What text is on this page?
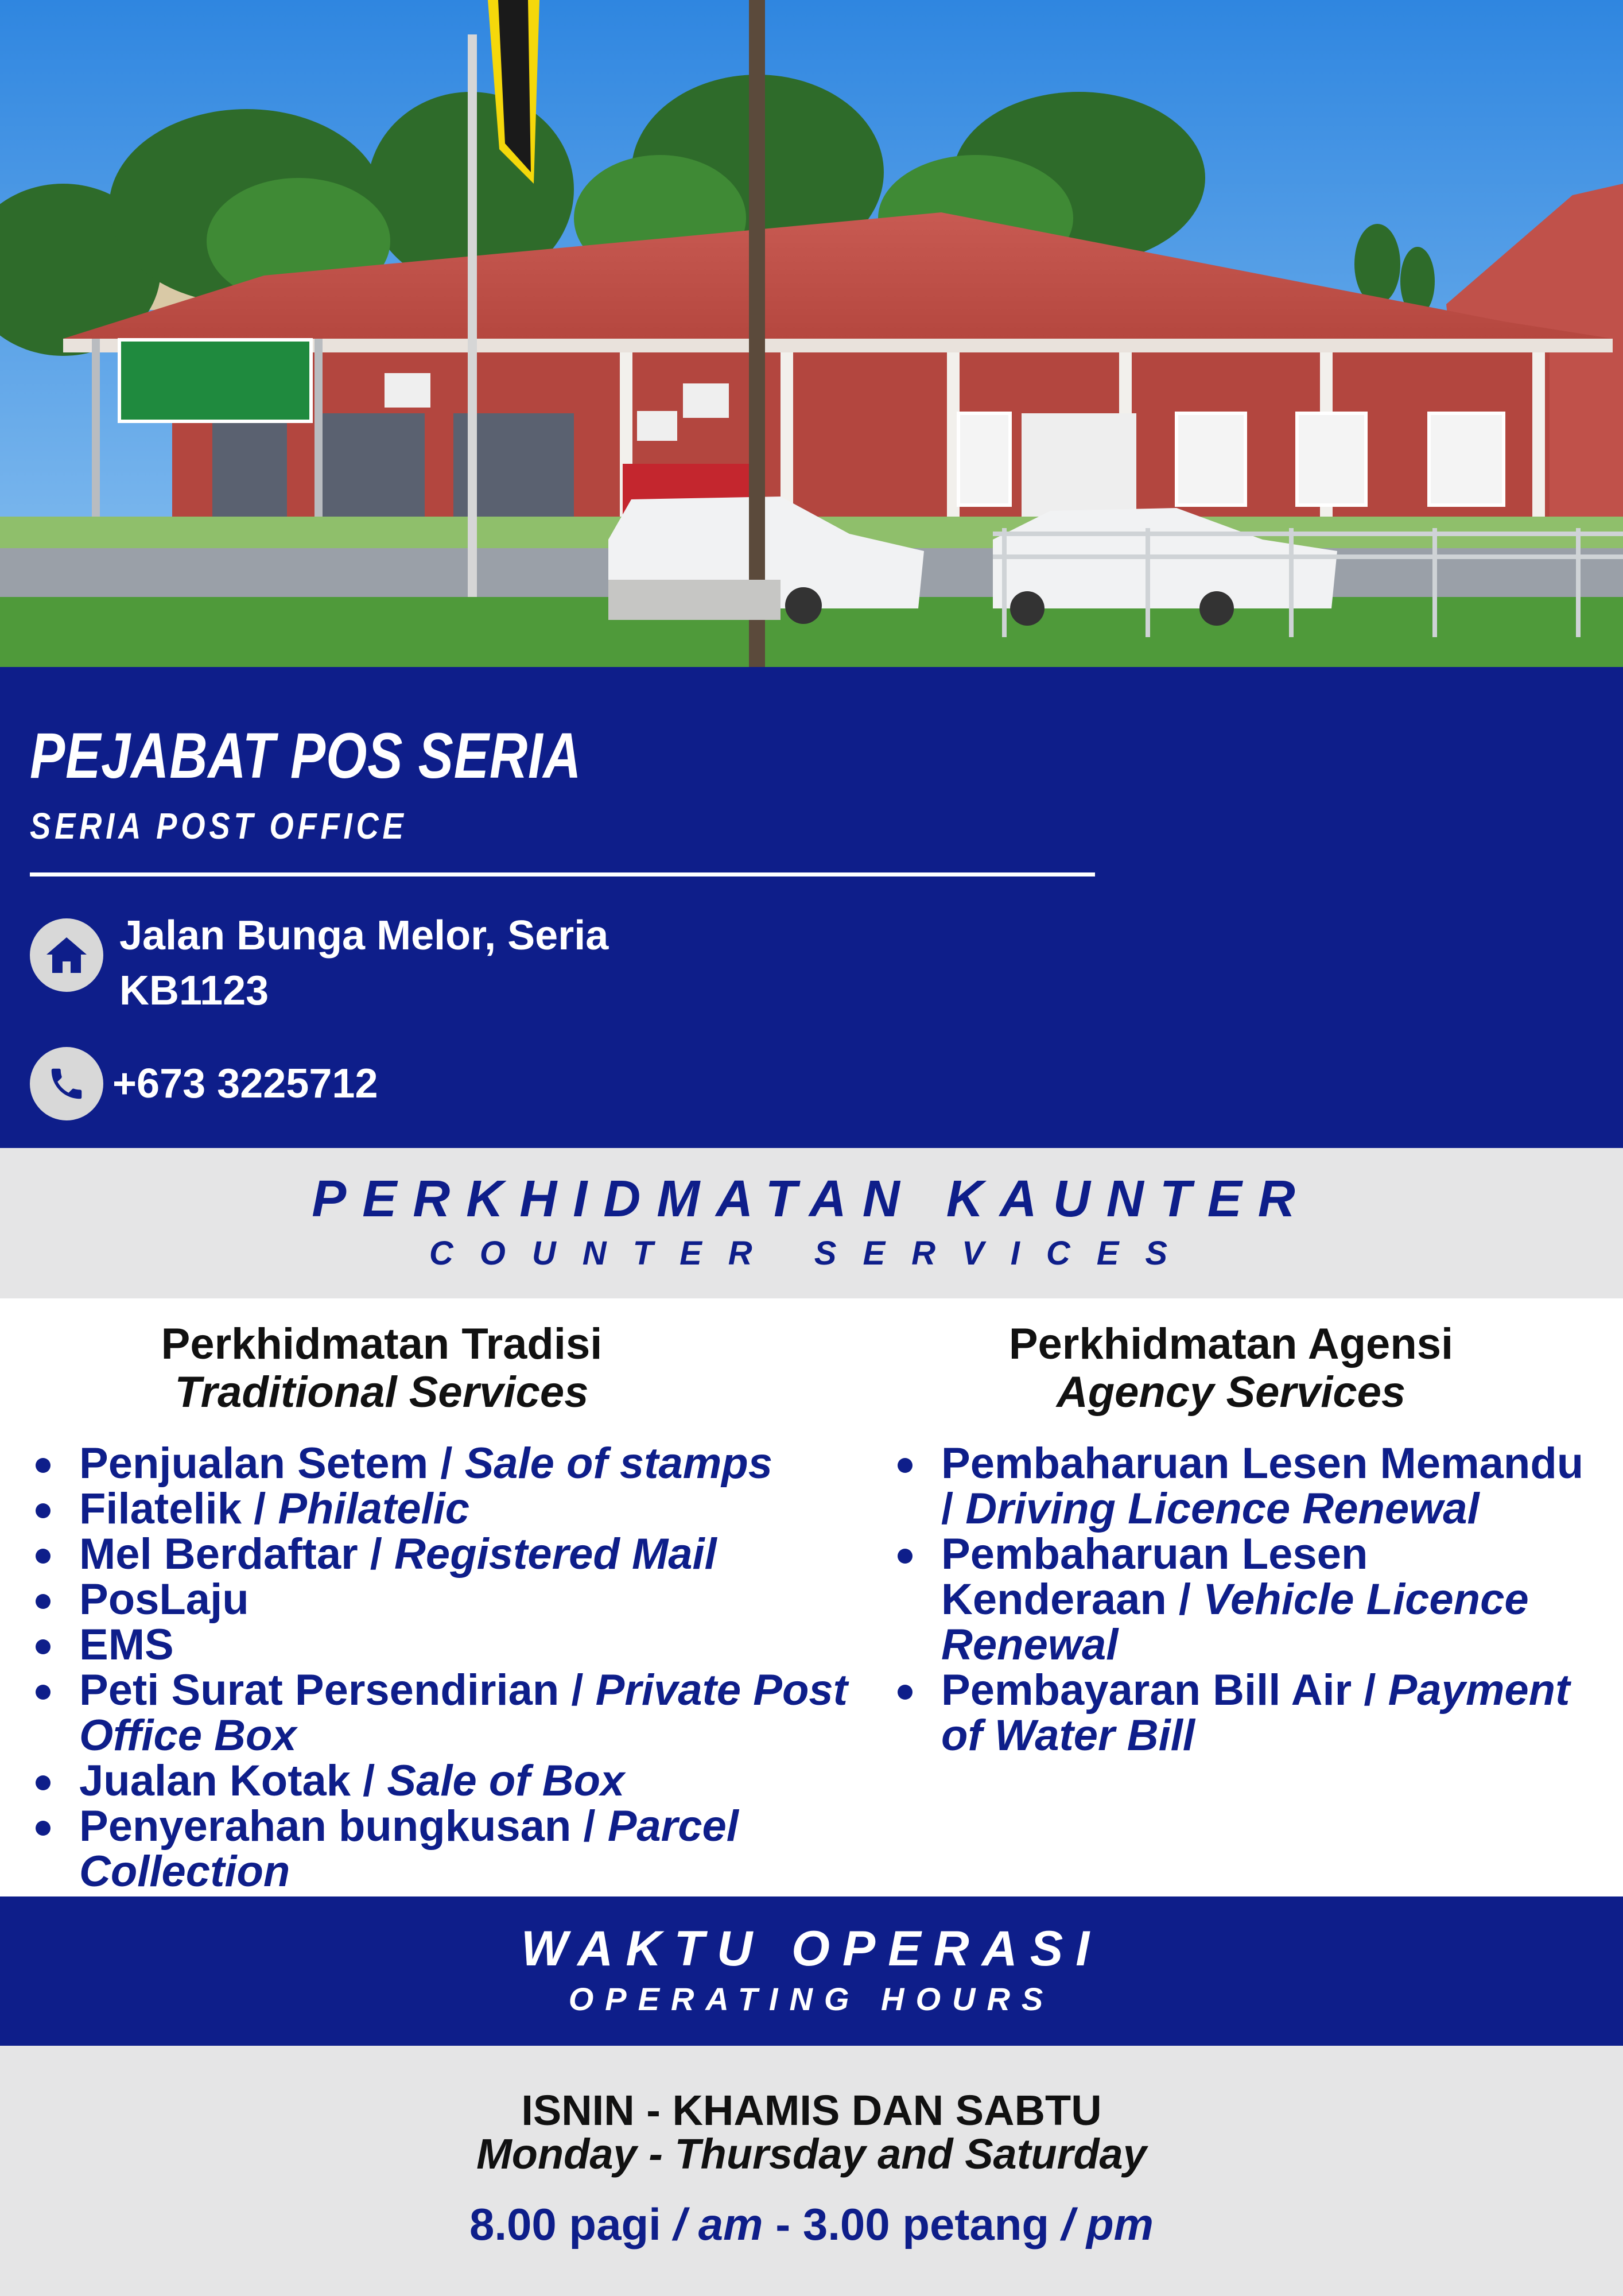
PEJABAT POS SERIA
SERIA POST OFFICE
Jalan Bunga Melor, Seria
KB1123
+673 3225712
PERKHIDMATAN KAUNTER
COUNTER SERVICES
Perkhidmatan Tradisi
Traditional Services
Penjualan Setem / Sale of stamps
Filatelik / Philatelic
Mel Berdaftar / Registered Mail
PosLaju
EMS
Peti Surat Persendirian / Private Post Office Box
Jualan Kotak / Sale of Box
Penyerahan bungkusan / Parcel Collection
Perkhidmatan Agensi
Agency Services
Pembaharuan Lesen Memandu / Driving Licence Renewal
Pembaharuan Lesen Kenderaan / Vehicle Licence Renewal
Pembayaran Bill Air / Payment of Water Bill
WAKTU OPERASI
OPERATING HOURS
ISNIN - KHAMIS DAN SABTU
Monday - Thursday and Saturday
8.00 pagi / am - 3.00 petang / pm
